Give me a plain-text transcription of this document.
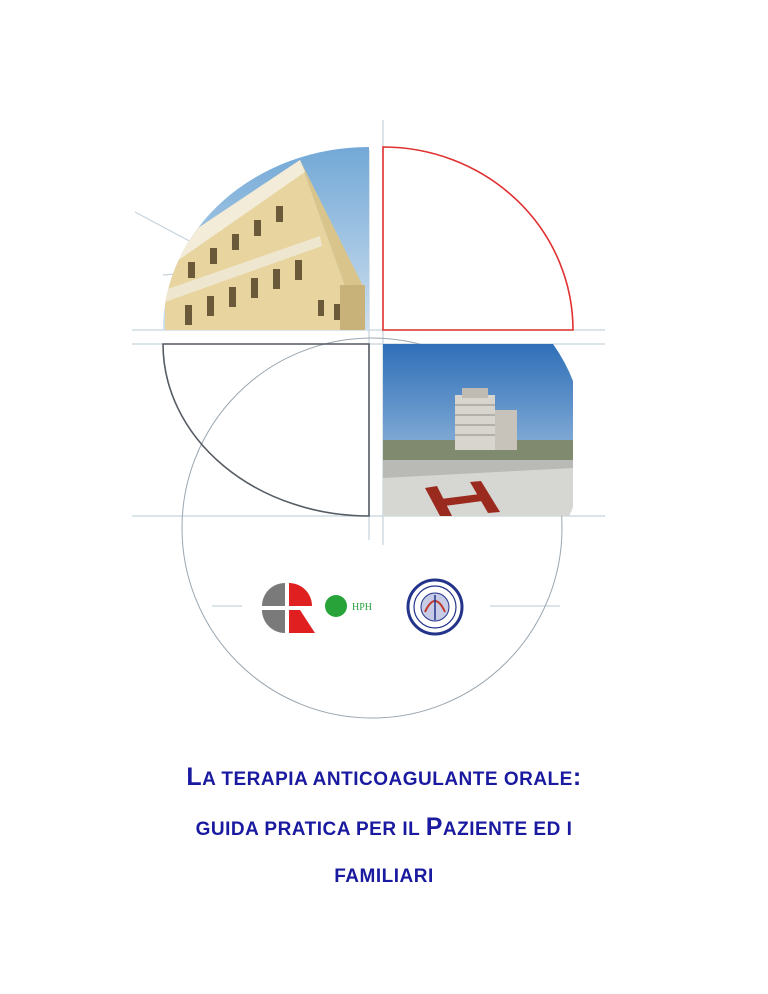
HPH
LA TERAPIA ANTICOAGULANTE ORALE:
GUIDA PRATICA PER IL PAZIENTE ED I
FAMILIARI
